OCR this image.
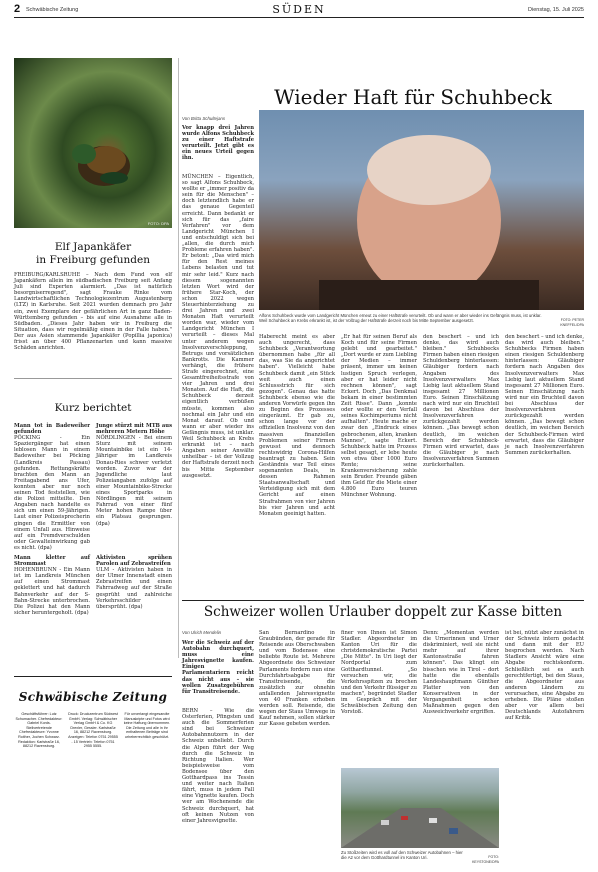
2 Schwäbische Zeitung	SÜDEN	Dienstag, 15. Juli 2025
FOTO: DPA
Elf Japankäfer
in Freiburg gefunden
FREIBURG/KARLSRUHE – Nach dem Fund von elf Japankäfern allein im südbadischen Freiburg seit Anfang Juli sind Experten alarmiert. „Das ist natürlich besorgniserregend", sagt Frauke Rinke vom Landwirtschaftlichen Technologiezentrum Augustenberg (LTZ) in Karlsruhe. Seit 2021 wurden demnach pro Jahr ein, zwei Exemplare der gefährlichen Art in ganz Baden-Württemberg gefunden – bis auf eine Ausnahme alle in Südbaden. „Dieses Jahr haben wir in Freiburg die Situation, dass wir regelmäßig einen in der Falle haben." Der aus Asien stammende Japankäfer (Popillia japonica) frisst an über 400 Pflanzenarten und kann massive Schäden anrichten.
Kurz berichtet
Mann tot in Badeweiher gefunden
PÖCKING - Ein Spaziergänger hat einen leblosen Mann in einem Badeweiher bei Pöcking (Landkreis Passau) gefunden. Rettungskräfte brachten den Mann an Freitagabend ans Ufer, konnten aber nur noch seinen Tod feststellen, wie die Polizei mitteilte. Den Angaben nach handelte es sich um einen 59-Jährigen. Laut einer Polizeisprecherin gingen die Ermittler von einem Unfall aus. Hinweise auf ein Fremdverschulden oder Gewalteinwirkung gab es nicht. (dpa)
Junge stürzt mit MTB aus mehreren Metern Höhe
NÖRDLINGEN - Bei einem Sturz mit seinem Mountainbike ist ein 14-Jähriger im Landkreis Donau-Ries schwer verletzt worden. Zuvor war der Jugendliche laut Polizeiangaben zufolge auf einer Mountainbike-Strecke eines Sportparks in Nördlingen mit seinem Fahrrad von einer fünf Meter hohen Rampe über ein Plateau gesprungen. (dpa)
Mann kletter auf Strommast
HOHENBRUNN - Ein Mann ist im Landkreis München auf einen Strommast geklettert und hat dadurch Bahnverkehr auf der S-Bahn-Strecke unterbrochen. Die Polizei hat den Mann sicher heruntergeholt. (dpa)
Aktivisten sprühen Parolen auf Zebrastreifen
ULM - Aktivisten haben in der Ulmer Innenstadt einen Zebrastreifen und einen Fahrradweg auf der Straße gesprüht und zahlreiche Verkehrsschilder übersprüht. (dpa)
Schwäbische Zeitung
Geschäftsführer: Lutz Schumacher. Chefredakteur: Gabriel Kords. Stellvertretende Chefredakteure: Yvonne Roither, Jochen Schwarz. Redaktion: Karlstraße 16, 88212 Ravensburg.
Druck: Druckzentrum Südwest GmbH. Verlag: Schwäbischer Verlag GmbH & Co. KG Drexler, Gessler. Karlstraße 16, 88212 Ravensburg. Anzeigen: Telefon 0751 29555 - 15 Vertrieb: Telefon 0751 2955 5555.
Für unverlangt eingesandte Manuskripte und Fotos wird keine Haftung übernommen. Die Zeitung und alle in ihr enthaltenen Beiträge sind urheberrechtlich geschützt.
Wieder Haft für Schuhbeck
Von Britta Schultejans
Vor knapp drei Jahren wurde Alfons Schuhbeck zu einer Haftstrafe verurteilt. Jetzt gibt es ein neues Urteil gegen ihn.
MÜNCHEN – Eigentlich, so sagt Alfons Schuhbeck, wollte er „immer positiv da sein für die Menschen" – doch letztendlich habe er das genaue Gegenteil erreicht. Dann bedankt er sich für das „faire Verfahren" vor dem Landgericht München I und entschuldigt sich bei „allen, die durch mich Probleme erfahren haben". Er betont: „Das wird mich für den Rest meines Lebens belasten und tut mir sehr leid." Kurz nach diesem sogenannten letzten Wort wird der frühere Star-Koch, der schon 2022 wegen Steuerhinterziehung zu drei Jahren und zwei Monaten Haft verurteilt worden war, wieder vom Landgericht München I verurteilt – dieses Mal unter anderem wegen Insolvenzverschleppung, Betrugs und vorsätzlichen Bankrotts. Die Kammer verhängt, die frühere Strafe eingerechnet, eine Gesamtfreiheitsstrafe von vier Jahren und drei Monaten. Auf die Haft, die Schuhbeck derzeit eigentlich verbüßen müsste, kommen also nochmal ein Jahr und ein Monat darauf. Ob und wann er aber wieder ins Gefängnis muss, ist unklar. Weil Schuhbeck an Krebs erkrankt ist – nach Angaben seiner Anwälte unheilbar – ist der Vollzug der Haftstrafe derzeit noch bis Mitte September ausgesetzt.
Alfons Schuhbeck wurde vom Landgericht München erneut zu einer Haftstrafe verurteilt. Ob und wann er aber wieder ins Gefängnis muss, ist unklar. Weil Schuhbeck an Krebs erkrankt ist, ist der Vollzug der Haftstrafe derzeit noch bis Mitte September ausgesetzt.	FOTO: PETER KNEFFEL/DPA
Haberecht meint es aber auch ungerecht, dass Schuhbeck „Verantwortung übernommen habe „für all das, was Sie da angerichtet haben". Vielleicht habe Schuhbeck damit „ein Stück weit auch einen Schlussstrich für sich gezogen". Genau das hatte Schuhbeck ebenso wie die anderen Vorwürfe gegen ihn zu Beginn des Prozesses eingeräumt. Er gab zu, schon lange vor der offiziellen Insolvenz von den massiven finanziellen Problemen seiner Firmen gewusst und dennoch rechtswidrig Corona-Hilfen beantragt zu haben. Sein Geständnis war Teil eines sogenannten Deals, in dessen Rahmen Staatsanwaltschaft und Verteidigung sich mit dem Gericht auf einen Strafrahmen von vier Jahren bis vier Jahren und acht Monaten geeinigt hatten.
„Er hat für seinen Beruf als Koch und für seine Firmen gelebt und gearbeitet." „Dort wurde er zum Liebling der Medien – immer präsent, immer um keinen lustigen Spruch verlegen, aber er hat leider nicht rechnen können", sagt Eckert. Doch „Das Denkmal bekam in einer bestimmten Zeit Risse". Dann „konnte oder wollte er den Verfall seines Kochimperiums nicht aufhalten". Heute mache er zwar den „Eindruck eines gebrochenen, alten, kranken Mannes", sagte Eckert. Schuhbeck hatte im Prozess selbst gesagt, er lebe heute von etwa über 1000 Euro Rente; seine Krankenversicherung zahle sein Bruder. Freunde gäben ihm Geld für die Miete einer 4.800 Euro teuren Münchner Wohnung.
den beschert – und ich denke, das wird auch bleiben." Schuhbecks Firmen haben einen riesigen Schuldenberg hinterlassen: Gläubiger fordern nach Angaben des Insolvenzverwalters Max Liebig laut aktuellem Stand insgesamt 27 Millionen Euro. Seinen Einschätzung nach wird nur ein Bruchteil davon bei Abschluss der Insolvenzverfahren zurückgezahlt werden können. „Das bewegt schon deutlich, im weichen Bereich der Schuhbeck-Firmen wird erwartet, dass die Gläubiger je nach Insolvenzverfahren Summen zurückerhalten.
den beschert – und ich denke, das wird auch bleiben." Schuhbecks Firmen haben einen riesigen Schuldenberg hinterlassen: Gläubiger fordern nach Angaben des Insolvenzverwalters Max Liebig laut aktuellem Stand insgesamt 27 Millionen Euro. Seinen Einschätzung nach wird nur ein Bruchteil davon bei Abschluss der Insolvenzverfahren zurückgezahlt werden können. „Das bewegt schon deutlich, im weichen Bereich der Schuhbeck-Firmen wird erwartet, dass die Gläubiger je nach Insolvenzverfahren Summen zurückerhalten.
Schweizer wollen Urlauber doppelt zur Kasse bitten
Von Ulrich Mendelin
Wer die Schweiz auf der Autobahn durchquert, muss eine Jahresvignette kaufen. Einigen Parlamentariern reicht das nicht aus – sie wollen Zusatzgebühren für Transitreisende.
BERN – Wie die Osterferien, Pfingsten und auch die Sommerferien sind bei Schweizer Autobahnnutzern in der Schweiz unbeliebt. Durch die Alpen führt der Weg durch die Schweiz in Richtung Italien. Wer beispielsweise vom Bodensee über den Gotthardpass ins Tessin und weiter nach Italien fährt, muss in jedem Fall eine Vignette kaufen. Doch wer am Wochenende die Schweiz durchquert, hat oft keinen Nutzen von einer Jahresvignette.
San Bernardino in Graubünden, der gerade für Reisende aus Oberschwaben und vom Bodensee eine beliebte Route ist. Mehrere Abgeordnete des Schweizer Parlaments fordern nun eine Durchfahrtsabgabe für Transitreisende, die zusätzlich zur ohnehin anfallenden Jahresvignette von 40 Franken erhoben werden soll. Reisende, die wegen der Staus Umwege in Kauf nehmen, sollen stärker zur Kasse gebeten werden.
finer von Ihnen ist Simon Stadler. Abgeordneter im Kanton Uri für die christdemokratische Partei „Die Mitte". In Uri liegt der Nordportal zum Gotthardtunnel. „So versuchen wir, die Verkehrsspitzen zu brechen und den Verkehr flüssiger zu machen", begründet Stadler im Gespräch mit der Schwäbischen Zeitung den Vorstoß.
Denn: „Momentan werden die Urnerinnen und Urner diskriminiert, weil sie nicht mehr auf ihrer Kantonsstraße fahren können". Das klingt ein bisschen wie in Tirol – dort hatte die ebenfalls Landeshauptmann Günther Platter von den Konservativen in der Vergangenheit schon Maßnahmen gegen den Ausweichverkehr ergriffen.
ist bei, nützt aber zunächst in der Schweiz intern gedacht und dann mit der EU besprochen werden. Nach Stadlers Ansicht wäre eine Abgabe rechtskonform. Schließlich sei es auch gerechtfertigt, bei den Staus, die Abgeordneter aus anderen Ländern zu verursachen, eine Abgabe zu erheben. Die Pläne stoßen aber vor allem bei Deutschlands Autofahrern auf Kritik.
Zu Stoßzeiten wird es voll auf den Schweizer Autobahnen – hier die A2 vor dem Gotthardtunnel im Kanton Uri.	FOTO: KEYSTONE/DPA
